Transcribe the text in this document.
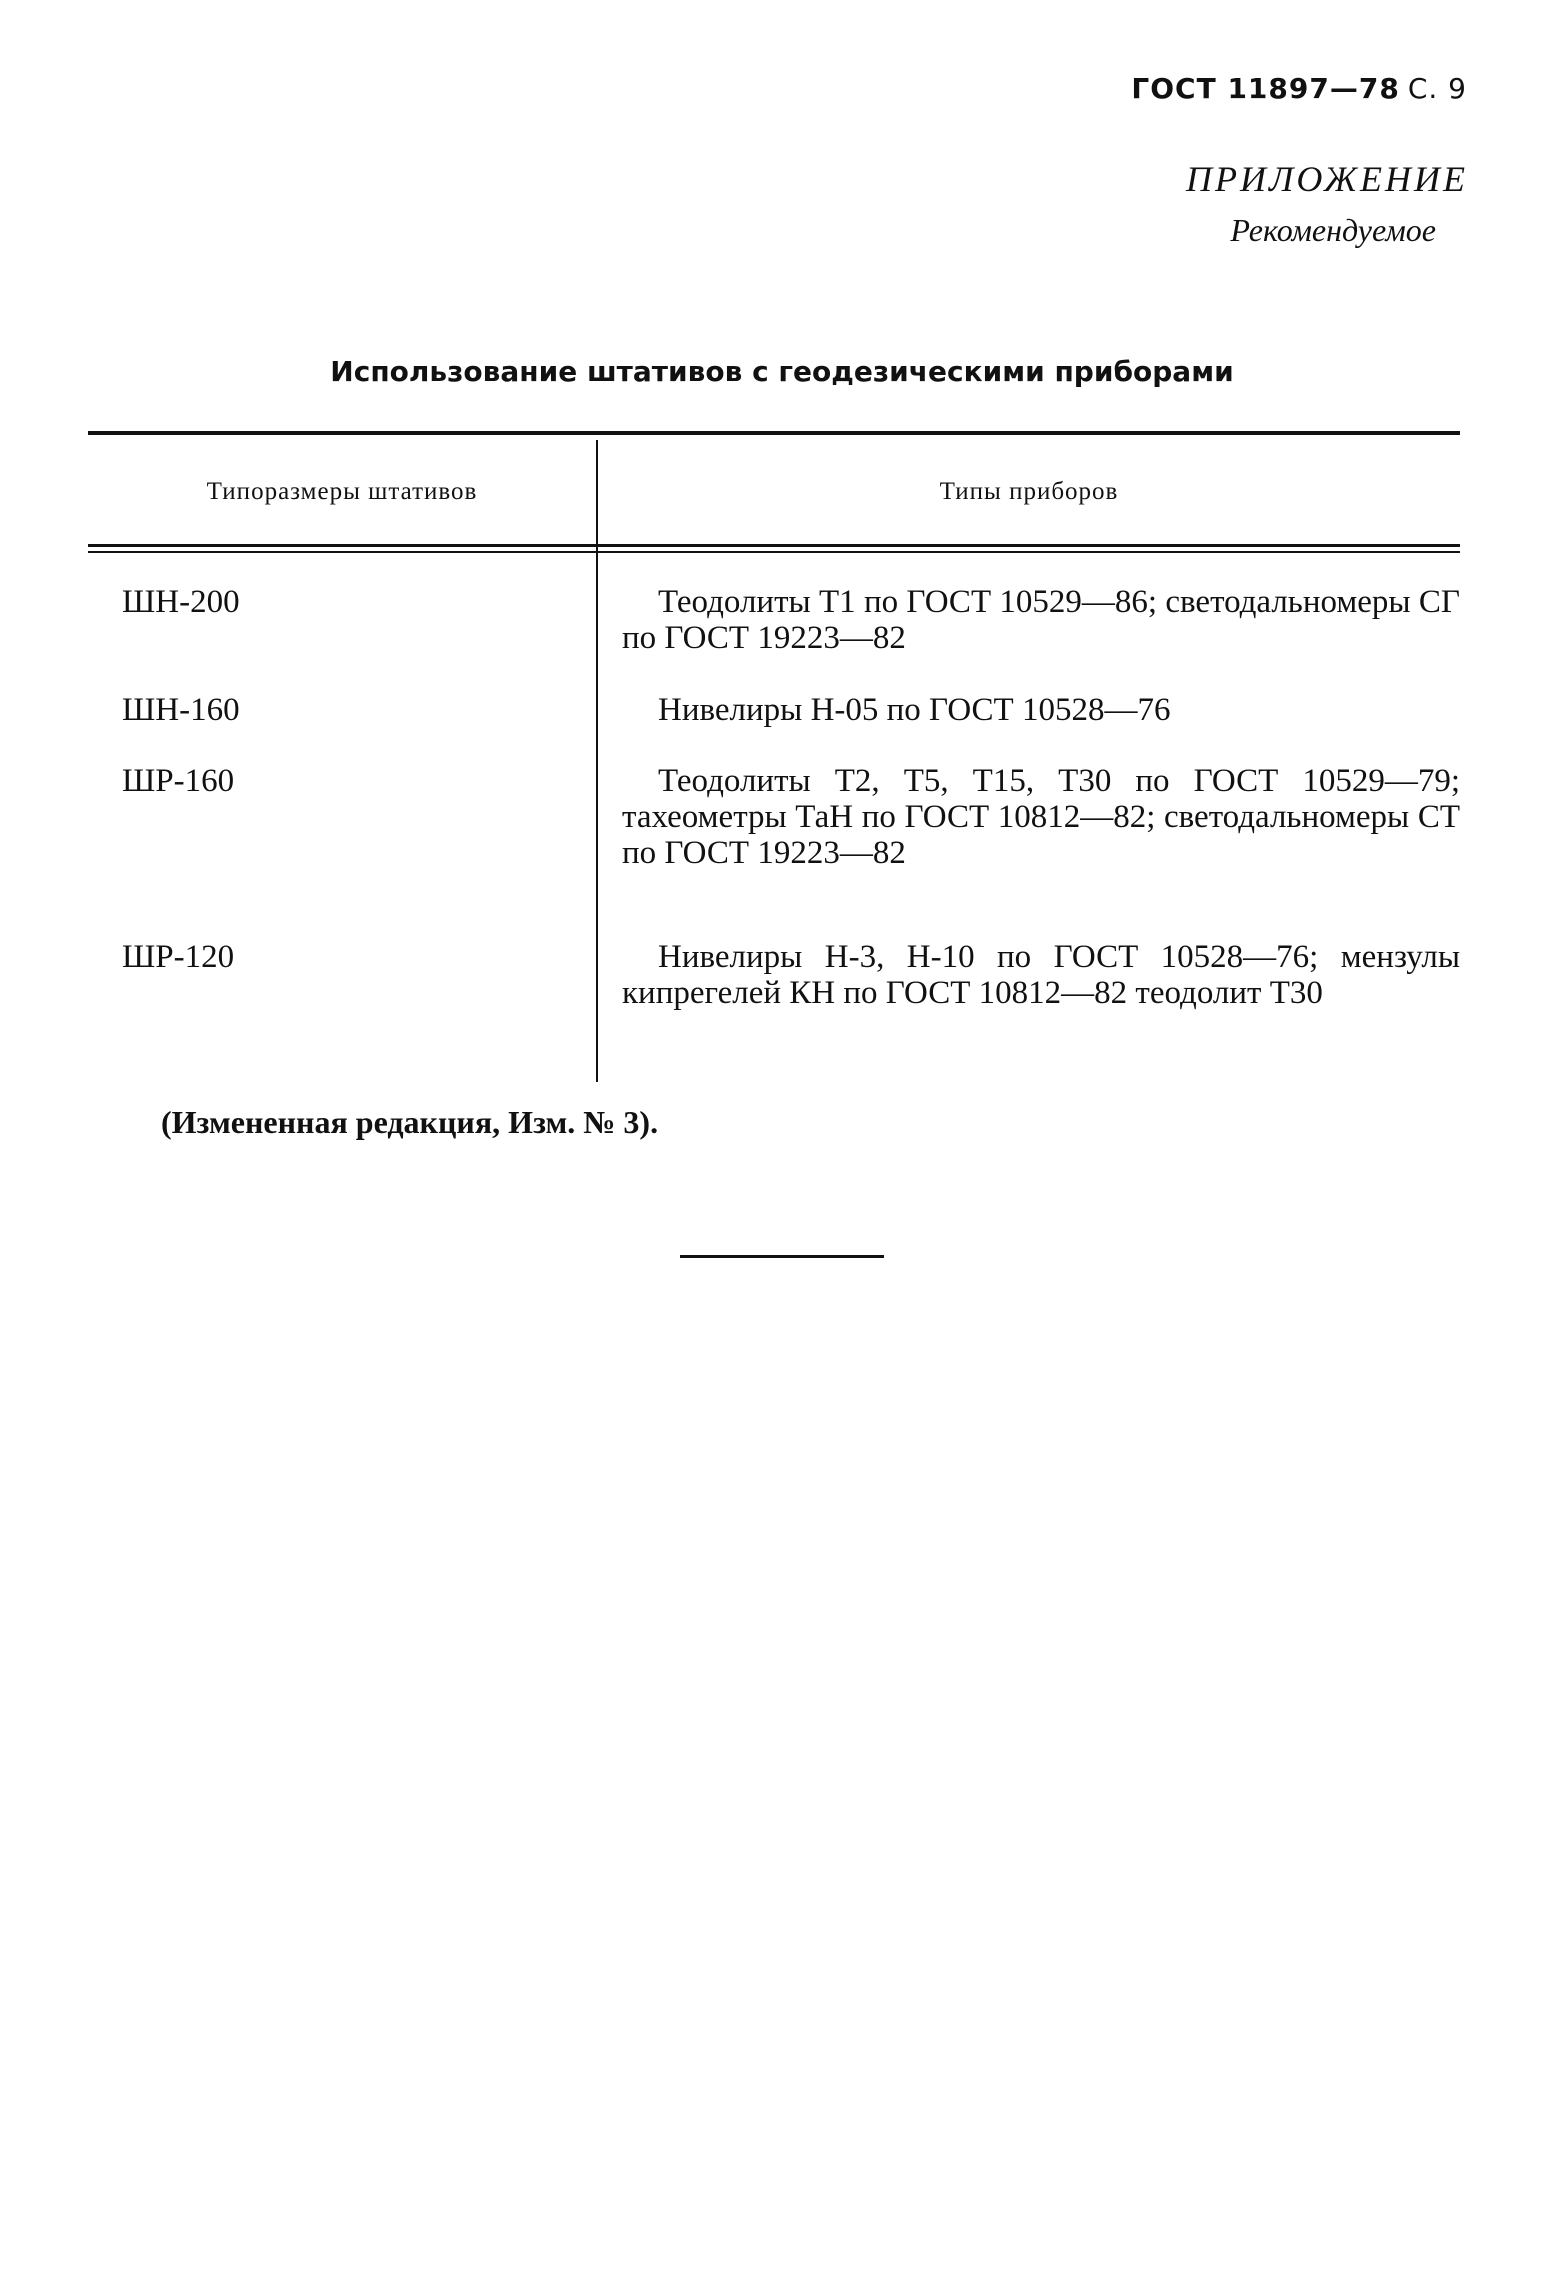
ГОСТ 11897—78 С. 9
ПРИЛОЖЕНИЕ
Рекомендуемое
Использование штативов с геодезическими приборами
Типоразмеры штативов	Типы приборов
ШН-200	Теодолиты Т1 по ГОСТ 10529—86; светодальномеры СГ по ГОСТ 19223—82
ШН-160	Нивелиры Н-05 по ГОСТ 10528—76
ШР-160	Теодолиты Т2, Т5, Т15, Т30 по ГОСТ 10529—79; тахеометры ТаН по ГОСТ 10812—82; светодальномеры СТ по ГОСТ 19223—82
ШР-120	Нивелиры Н-3, Н-10 по ГОСТ 10528—76; мензулы кипрегелей КН по ГОСТ 10812—82 теодолит Т30
(Измененная редакция, Изм. № 3).
